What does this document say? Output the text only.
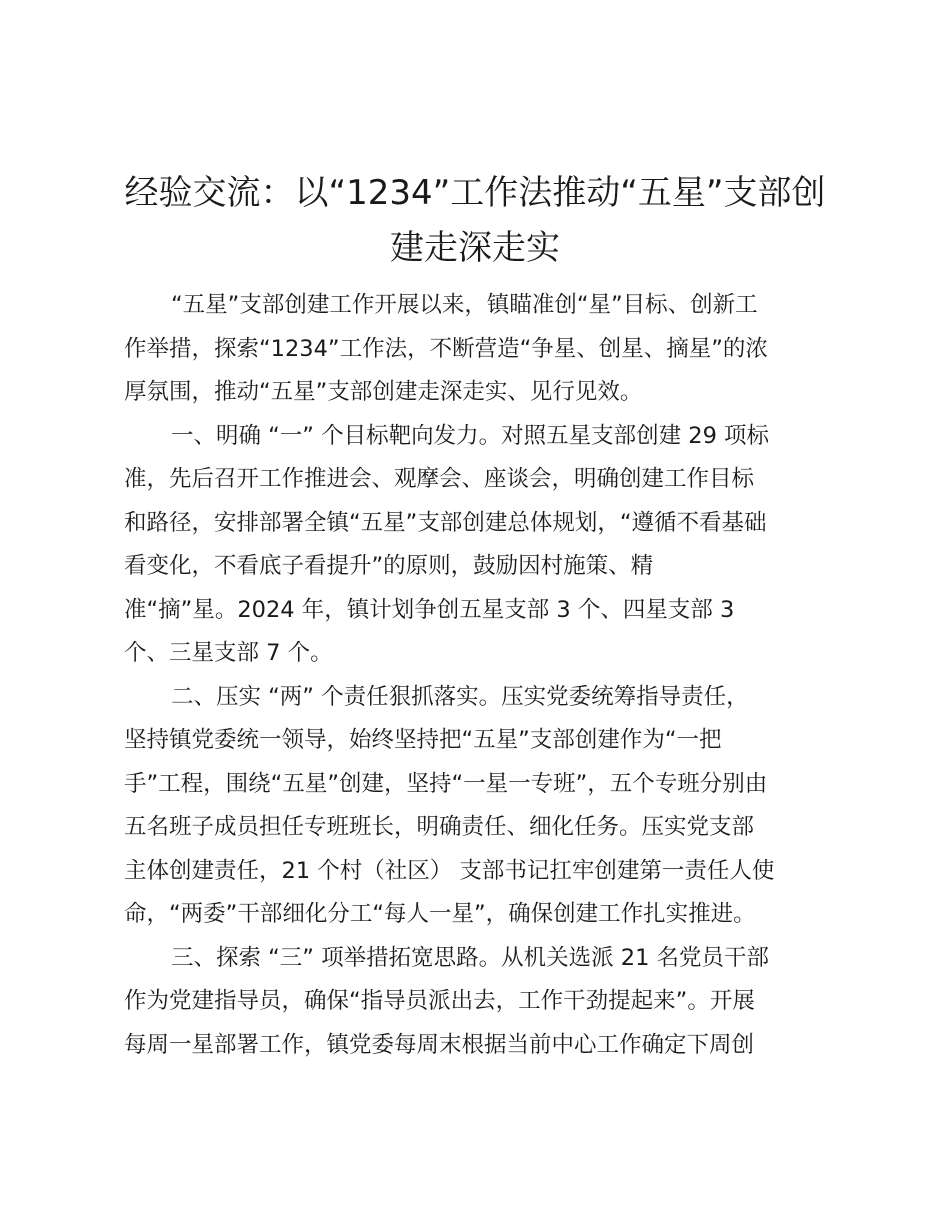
经验交流：以“1234”工作法推动“五星”支部创
建走深走实
“五星”支部创建工作开展以来，镇瞄准创“星”目标、创新工
作举措，探索“1234”工作法，不断营造“争星、创星、摘星”的浓
厚氛围，推动“五星”支部创建走深走实、见行见效。
一、明确 “一” 个目标靶向发力。对照五星支部创建 29 项标
准，先后召开工作推进会、观摩会、座谈会，明确创建工作目标
和路径，安排部署全镇“五星”支部创建总体规划，“遵循不看基础
看变化，不看底子看提升”的原则，鼓励因村施策、精
准“摘”星。2024 年，镇计划争创五星支部 3 个、四星支部 3
个、三星支部 7 个。
二、压实 “两” 个责任狠抓落实。压实党委统筹指导责任，
坚持镇党委统一领导，始终坚持把“五星”支部创建作为“一把
手”工程，围绕“五星”创建，坚持“一星一专班”，五个专班分别由
五名班子成员担任专班班长，明确责任、细化任务。压实党支部
主体创建责任，21 个村（社区） 支部书记扛牢创建第一责任人使
命，“两委”干部细化分工“每人一星”，确保创建工作扎实推进。
三、探索 “三” 项举措拓宽思路。从机关选派 21 名党员干部
作为党建指导员，确保“指导员派出去，工作干劲提起来”。开展
每周一星部署工作，镇党委每周末根据当前中心工作确定下周创
